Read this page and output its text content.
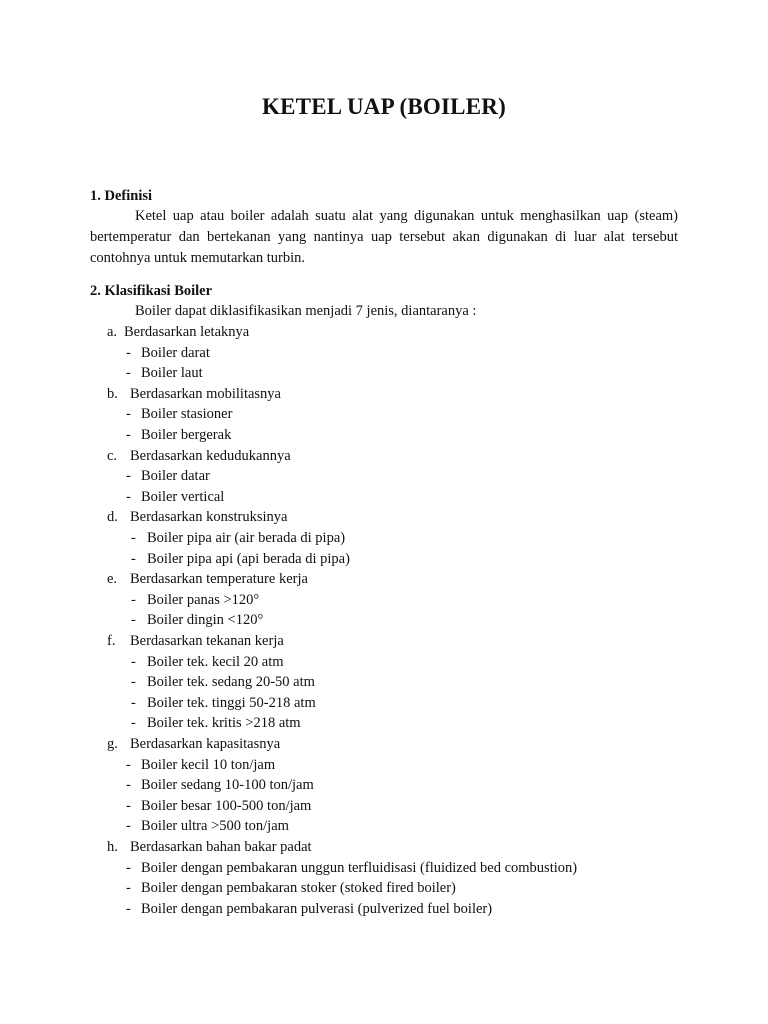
KETEL UAP (BOILER)

1. Definisi

Ketel uap atau boiler adalah suatu alat yang digunakan untuk menghasilkan uap (steam) bertemperatur dan bertekanan yang nantinya uap tersebut akan digunakan di luar alat tersebut contohnya untuk memutarkan turbin.

2. Klasifikasi Boiler

Boiler dapat diklasifikasikan menjadi 7 jenis, diantaranya :

a. Berdasarkan letaknya
- Boiler darat
- Boiler laut
b. Berdasarkan mobilitasnya
- Boiler stasioner
- Boiler bergerak
c. Berdasarkan kedudukannya
- Boiler datar
- Boiler vertical
d. Berdasarkan konstruksinya
- Boiler pipa air (air berada di pipa)
- Boiler pipa api (api berada di pipa)
e. Berdasarkan temperature kerja
- Boiler panas >120°
- Boiler dingin <120°
f. Berdasarkan tekanan kerja
- Boiler tek. kecil 20 atm
- Boiler tek. sedang 20-50 atm
- Boiler tek. tinggi 50-218 atm
- Boiler tek. kritis >218 atm
g. Berdasarkan kapasitasnya
- Boiler kecil 10 ton/jam
- Boiler sedang 10-100 ton/jam
- Boiler besar 100-500 ton/jam
- Boiler ultra >500 ton/jam
h. Berdasarkan bahan bakar padat
- Boiler dengan pembakaran unggun terfluidisasi (fluidized bed combustion)
- Boiler dengan pembakaran stoker (stoked fired boiler)
- Boiler dengan pembakaran pulverasi (pulverized fuel boiler)
